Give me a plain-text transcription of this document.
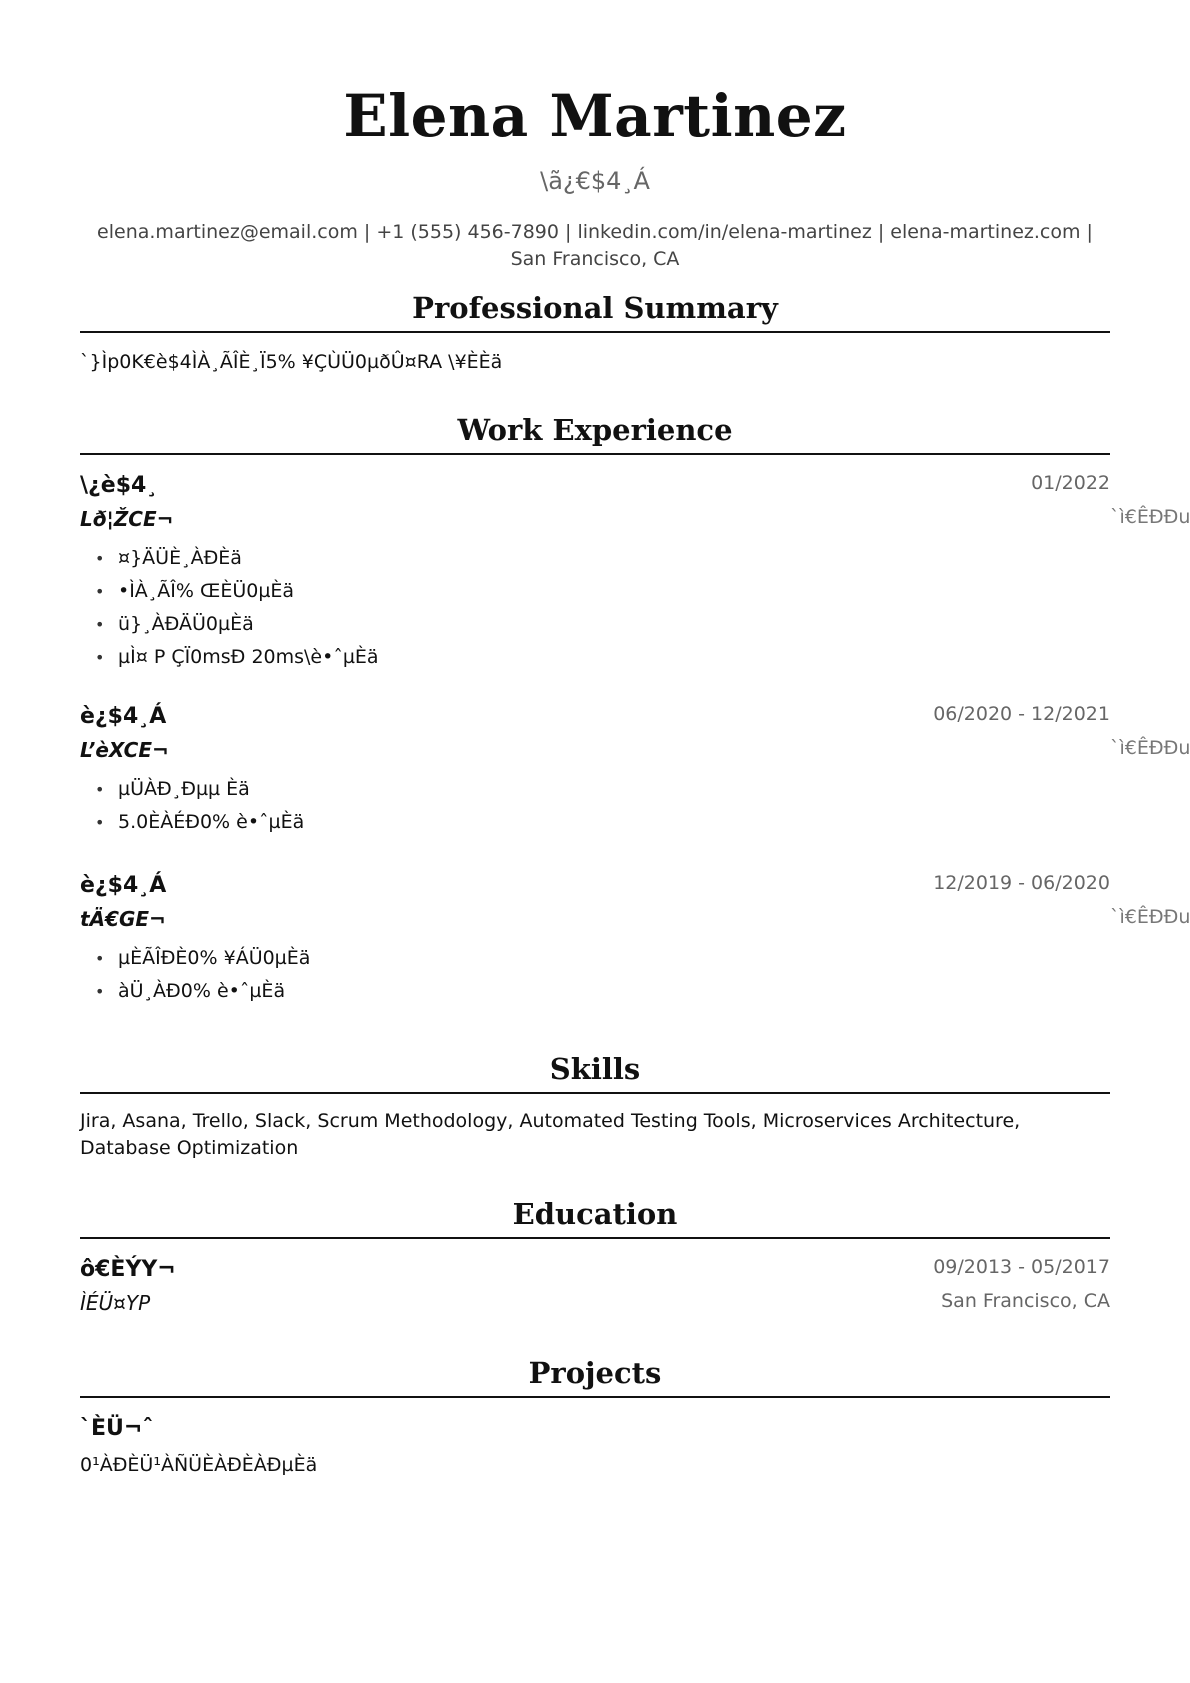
Elena Martinez
\ã¿€$4¸Á
elena.martinez@email.com | +1 (555) 456-7890 | linkedin.com/in/elena-martinez | elena-martinez.com | San Francisco, CA
Professional Summary
`}Ìp0K€è$4ÌÀ¸ÃÎÈ¸Ï5% ¥ÇÙÜ0µðÛ¤RA \¥ÈÈä
Work Experience
\¿è$4¸	01/2022
Lð¦ŽCE¬	`ì€ÊÐÐu
• ¤}ÄÜÈ¸ÀÐÈä
• •ÌÀ¸ÃÎ% ŒÈÜ0µÈä
• ü}¸ÀÐÄÜ0µÈä
• µÌ¤ P ÇÏ0msÐ 20ms\è•ˆµÈä
è¿$4¸Á	06/2020 - 12/2021
L’èXCE¬	`ì€ÊÐÐu
• µÜÀÐ¸Ðµµ Èä
• 5.0ÈÀÉÐ0% è•ˆµÈä
è¿$4¸Á	12/2019 - 06/2020
tÄ€GE¬	`ì€ÊÐÐu
• µÈÃÎÐÈ0% ¥ÁÜ0µÈä
• àÜ¸ÀÐ0% è•ˆµÈä
Skills
Jira, Asana, Trello, Slack, Scrum Methodology, Automated Testing Tools, Microservices Architecture, Database Optimization
Education
ô€ÈÝY¬	09/2013 - 05/2017
ÌÉÜ¤YP	San Francisco, CA
Projects
`ÈÜ¬ˆ
0¹ÀÐÈÜ¹ÀÑÜÈÀÐÈÀÐµÈä
